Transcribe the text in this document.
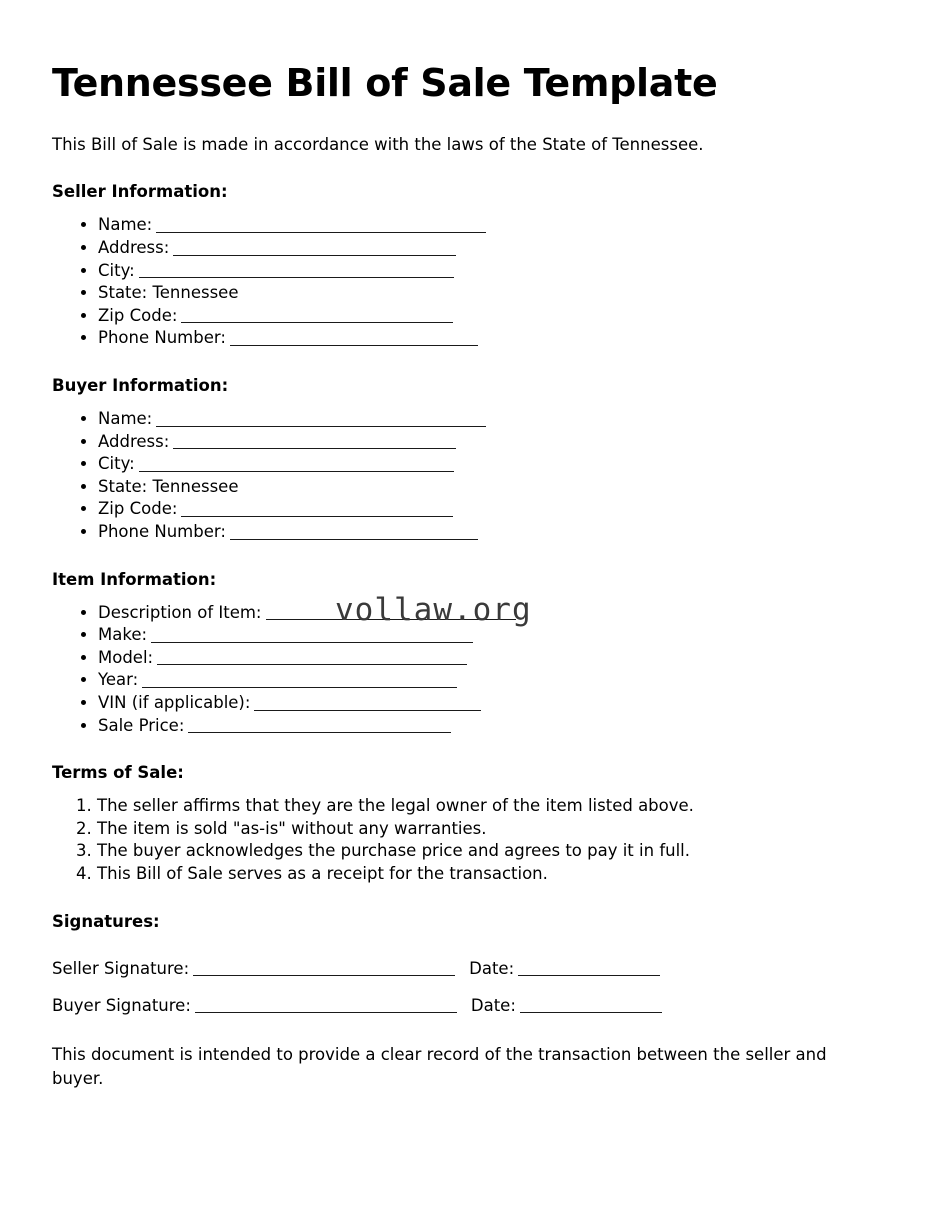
Tennessee Bill of Sale Template

This Bill of Sale is made in accordance with the laws of the State of Tennessee.

Seller Information:
• Name:
• Address:
• City:
• State: Tennessee
• Zip Code:
• Phone Number:
Buyer Information:
• Name:
• Address:
• City:
• State: Tennessee
• Zip Code:
• Phone Number:
Item Information:
• Description of Item:
• Make:
• Model:
• Year:
• VIN (if applicable):
• Sale Price:
Terms of Sale:
1. The seller affirms that they are the legal owner of the item listed above.
2. The item is sold "as-is" without any warranties.
3. The buyer acknowledges the purchase price and agrees to pay it in full.
4. This Bill of Sale serves as a receipt for the transaction.
Signatures:
Seller Signature:	Date:
Buyer Signature:	Date:

This document is intended to provide a clear record of the transaction between the seller and buyer.

vollaw.org
